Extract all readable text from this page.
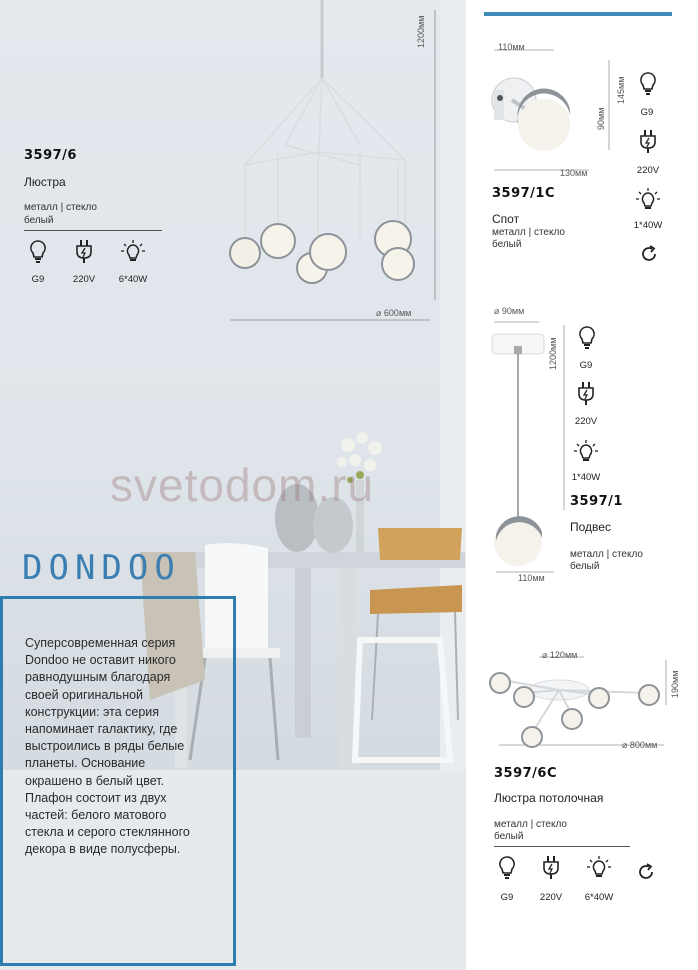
1200мм
⌀ 600мм
3597/6
Люстра
металл | стекло
белый
G9	220V	6*40W
svetodom.ru
DONDOO
Суперсовременная серия Dondoo не оставит никого равнодушным благодаря своей оригинальной конструкции: эта серия напоминает галактику, где выстроились в ряды белые планеты. Основание окрашено в белый цвет. Плафон состоит из двух частей: белого матового стекла и серого стеклянного декора в виде полусферы.
110мм
130мм
90мм
145мм
3597/1C
Спот
металл | стекло
белый
G9
220V
1*40W
⌀ 90мм
1200мм
110мм
G9
220V
1*40W
3597/1
Подвес
металл | стекло
белый
⌀ 120мм
190мм
⌀ 800мм
3597/6C
Люстра потолочная
металл | стекло
белый
G9	220V	6*40W
